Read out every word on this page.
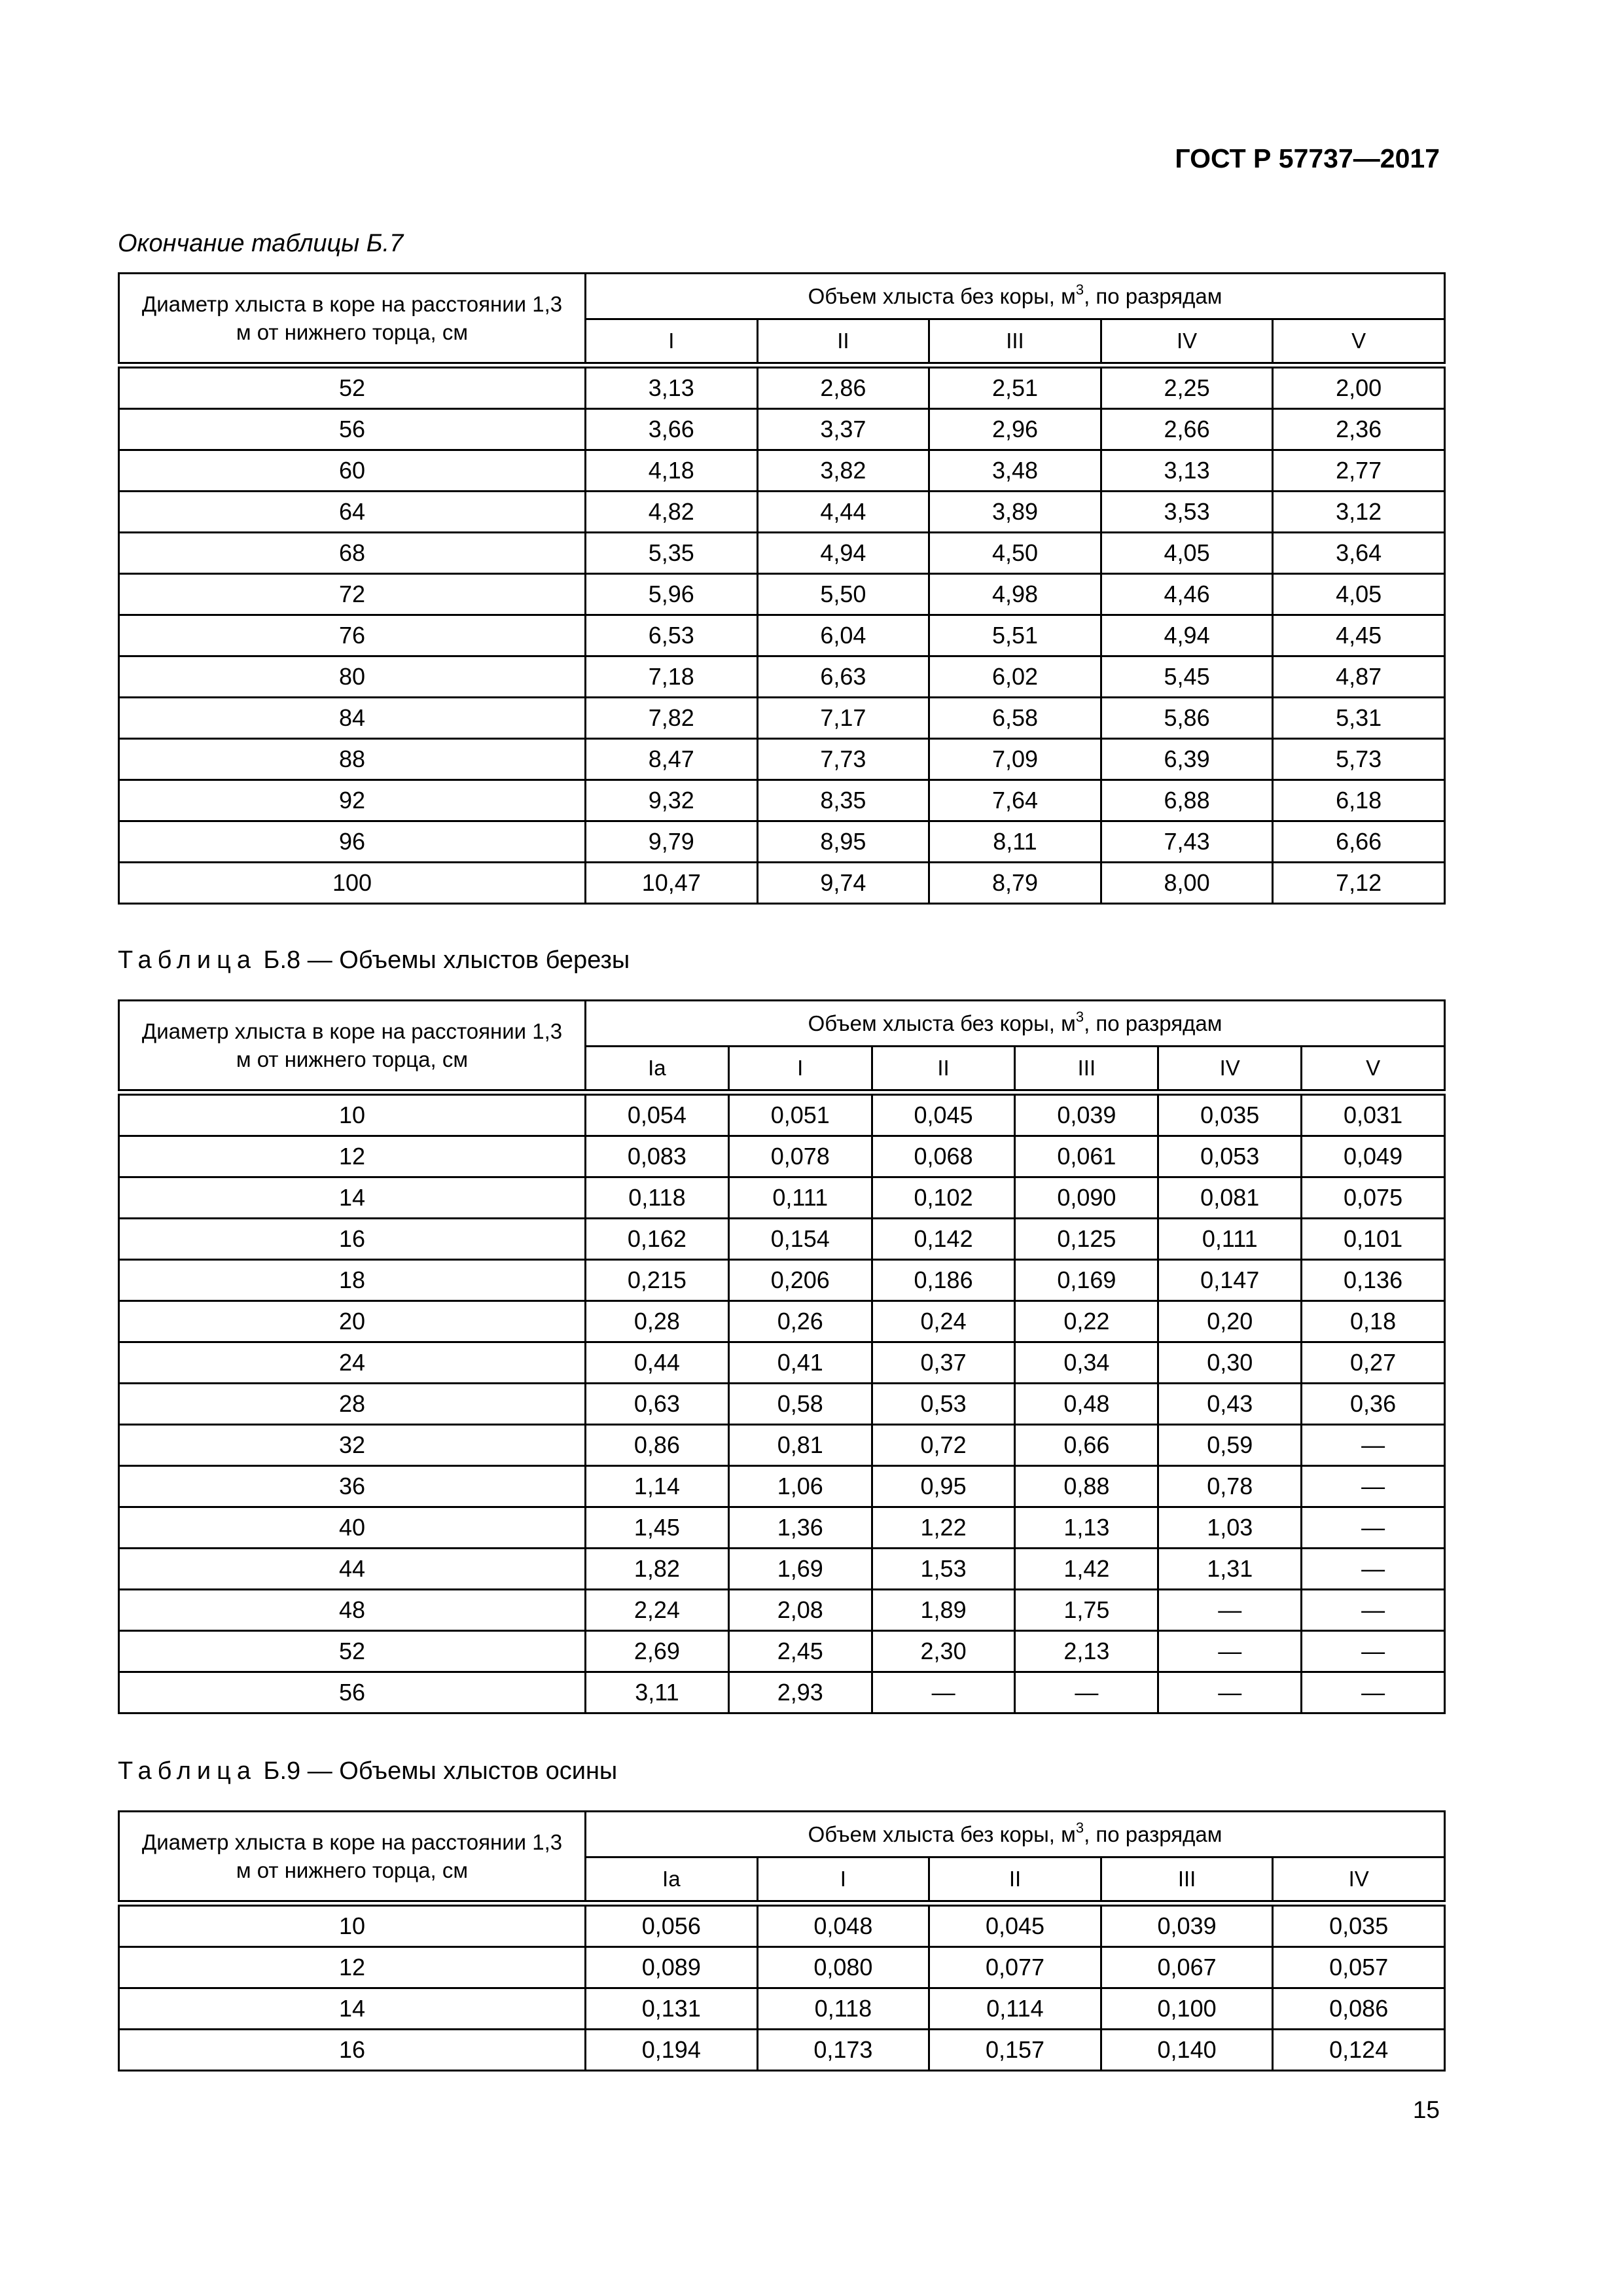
ГОСТ Р 57737—2017
Окончание таблицы Б.7
Диаметр хлыста в коре на расстоянии 1,3 м от нижнего торца, см	Объем хлыста без коры, $м^3$, по разрядам				
	I	II	III	IV	V
52	3,13	2,86	2,51	2,25	2,00
56	3,66	3,37	2,96	2,66	2,36
60	4,18	3,82	3,48	3,13	2,77
64	4,82	4,44	3,89	3,53	3,12
68	5,35	4,94	4,50	4,05	3,64
72	5,96	5,50	4,98	4,46	4,05
76	6,53	6,04	5,51	4,94	4,45
80	7,18	6,63	6,02	5,45	4,87
84	7,82	7,17	6,58	5,86	5,31
88	8,47	7,73	7,09	6,39	5,73
92	9,32	8,35	7,64	6,88	6,18
96	9,79	8,95	8,11	7,43	6,66
100	10,47	9,74	8,79	8,00	7,12
Таблица Б.8 — Объемы хлыстов березы
Диаметр хлыста в коре на расстоянии 1,3 м от нижнего торца, см	Объем хлыста без коры, $м^3$, по разрядам					
	Ia	I	II	III	IV	V
10	0,054	0,051	0,045	0,039	0,035	0,031
12	0,083	0,078	0,068	0,061	0,053	0,049
14	0,118	0,111	0,102	0,090	0,081	0,075
16	0,162	0,154	0,142	0,125	0,111	0,101
18	0,215	0,206	0,186	0,169	0,147	0,136
20	0,28	0,26	0,24	0,22	0,20	0,18
24	0,44	0,41	0,37	0,34	0,30	0,27
28	0,63	0,58	0,53	0,48	0,43	0,36
32	0,86	0,81	0,72	0,66	0,59	—
36	1,14	1,06	0,95	0,88	0,78	—
40	1,45	1,36	1,22	1,13	1,03	—
44	1,82	1,69	1,53	1,42	1,31	—
48	2,24	2,08	1,89	1,75	—	—
52	2,69	2,45	2,30	2,13	—	—
56	3,11	2,93	—	—	—	—
Таблица Б.9 — Объемы хлыстов осины
Диаметр хлыста в коре на расстоянии 1,3 м от нижнего торца, см	Объем хлыста без коры, $м^3$, по разрядам				
	Ia	I	II	III	IV
10	0,056	0,048	0,045	0,039	0,035
12	0,089	0,080	0,077	0,067	0,057
14	0,131	0,118	0,114	0,100	0,086
16	0,194	0,173	0,157	0,140	0,124
15
